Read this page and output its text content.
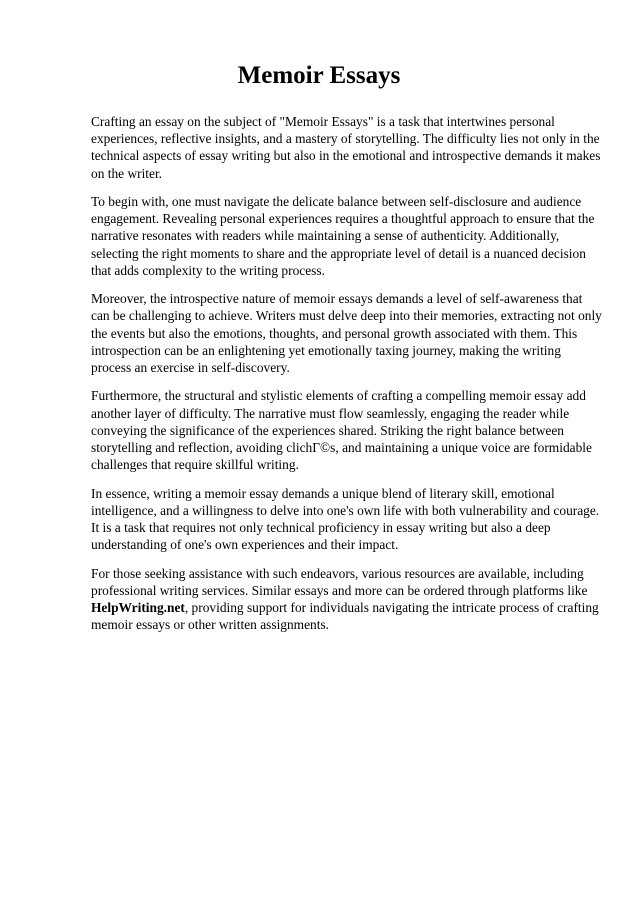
Memoir Essays

Crafting an essay on the subject of "Memoir Essays" is a task that intertwines personal experiences, reflective insights, and a mastery of storytelling. The difficulty lies not only in the technical aspects of essay writing but also in the emotional and introspective demands it makes on the writer.

To begin with, one must navigate the delicate balance between self-disclosure and audience engagement. Revealing personal experiences requires a thoughtful approach to ensure that the narrative resonates with readers while maintaining a sense of authenticity. Additionally, selecting the right moments to share and the appropriate level of detail is a nuanced decision that adds complexity to the writing process.

Moreover, the introspective nature of memoir essays demands a level of self-awareness that can be challenging to achieve. Writers must delve deep into their memories, extracting not only the events but also the emotions, thoughts, and personal growth associated with them. This introspection can be an enlightening yet emotionally taxing journey, making the writing process an exercise in self-discovery.

Furthermore, the structural and stylistic elements of crafting a compelling memoir essay add another layer of difficulty. The narrative must flow seamlessly, engaging the reader while conveying the significance of the experiences shared. Striking the right balance between storytelling and reflection, avoiding clichГ©s, and maintaining a unique voice are formidable challenges that require skillful writing.

In essence, writing a memoir essay demands a unique blend of literary skill, emotional intelligence, and a willingness to delve into one's own life with both vulnerability and courage. It is a task that requires not only technical proficiency in essay writing but also a deep understanding of one's own experiences and their impact.

For those seeking assistance with such endeavors, various resources are available, including professional writing services. Similar essays and more can be ordered through platforms like HelpWriting.net, providing support for individuals navigating the intricate process of crafting memoir essays or other written assignments.
